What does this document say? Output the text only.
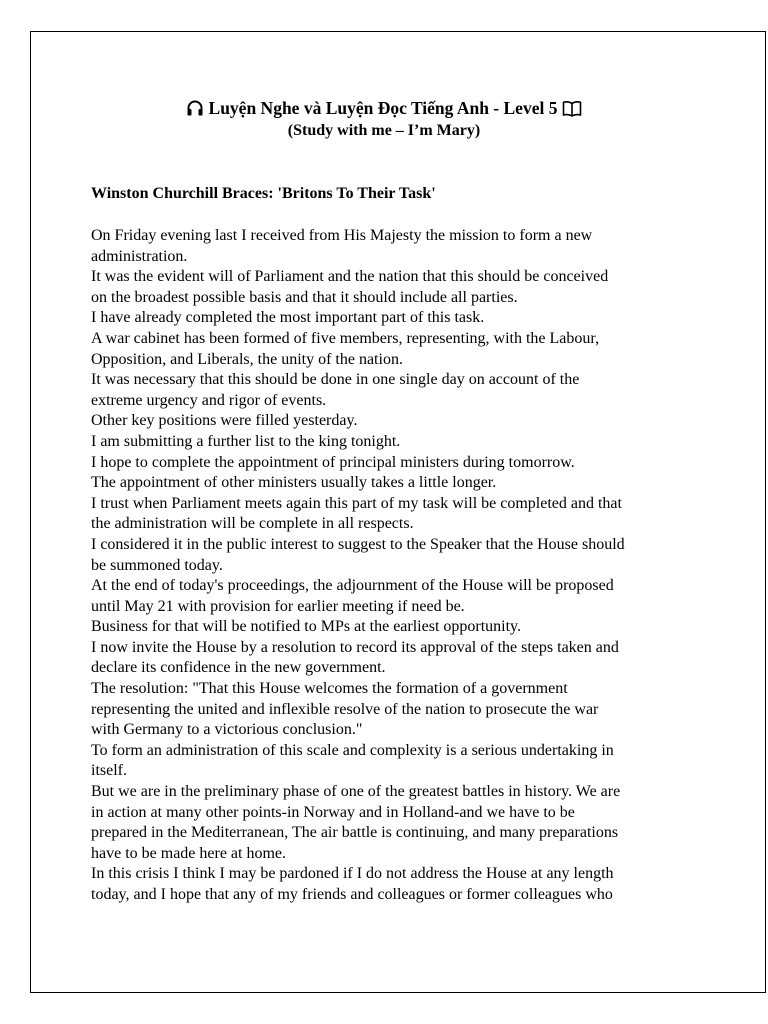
Luyện Nghe và Luyện Đọc Tiếng Anh - Level 5
(Study with me – I’m Mary)
Winston Churchill Braces: 'Britons To Their Task'
On Friday evening last I received from His Majesty the mission to form a new
administration.
It was the evident will of Parliament and the nation that this should be conceived
on the broadest possible basis and that it should include all parties.
I have already completed the most important part of this task.
A war cabinet has been formed of five members, representing, with the Labour,
Opposition, and Liberals, the unity of the nation.
It was necessary that this should be done in one single day on account of the
extreme urgency and rigor of events.
Other key positions were filled yesterday.
I am submitting a further list to the king tonight.
I hope to complete the appointment of principal ministers during tomorrow.
The appointment of other ministers usually takes a little longer.
I trust when Parliament meets again this part of my task will be completed and that
the administration will be complete in all respects.
I considered it in the public interest to suggest to the Speaker that the House should
be summoned today.
At the end of today's proceedings, the adjournment of the House will be proposed
until May 21 with provision for earlier meeting if need be.
Business for that will be notified to MPs at the earliest opportunity.
I now invite the House by a resolution to record its approval of the steps taken and
declare its confidence in the new government.
The resolution: "That this House welcomes the formation of a government
representing the united and inflexible resolve of the nation to prosecute the war
with Germany to a victorious conclusion."
To form an administration of this scale and complexity is a serious undertaking in
itself.
But we are in the preliminary phase of one of the greatest battles in history. We are
in action at many other points-in Norway and in Holland-and we have to be
prepared in the Mediterranean, The air battle is continuing, and many preparations
have to be made here at home.
In this crisis I think I may be pardoned if I do not address the House at any length
today, and I hope that any of my friends and colleagues or former colleagues who
